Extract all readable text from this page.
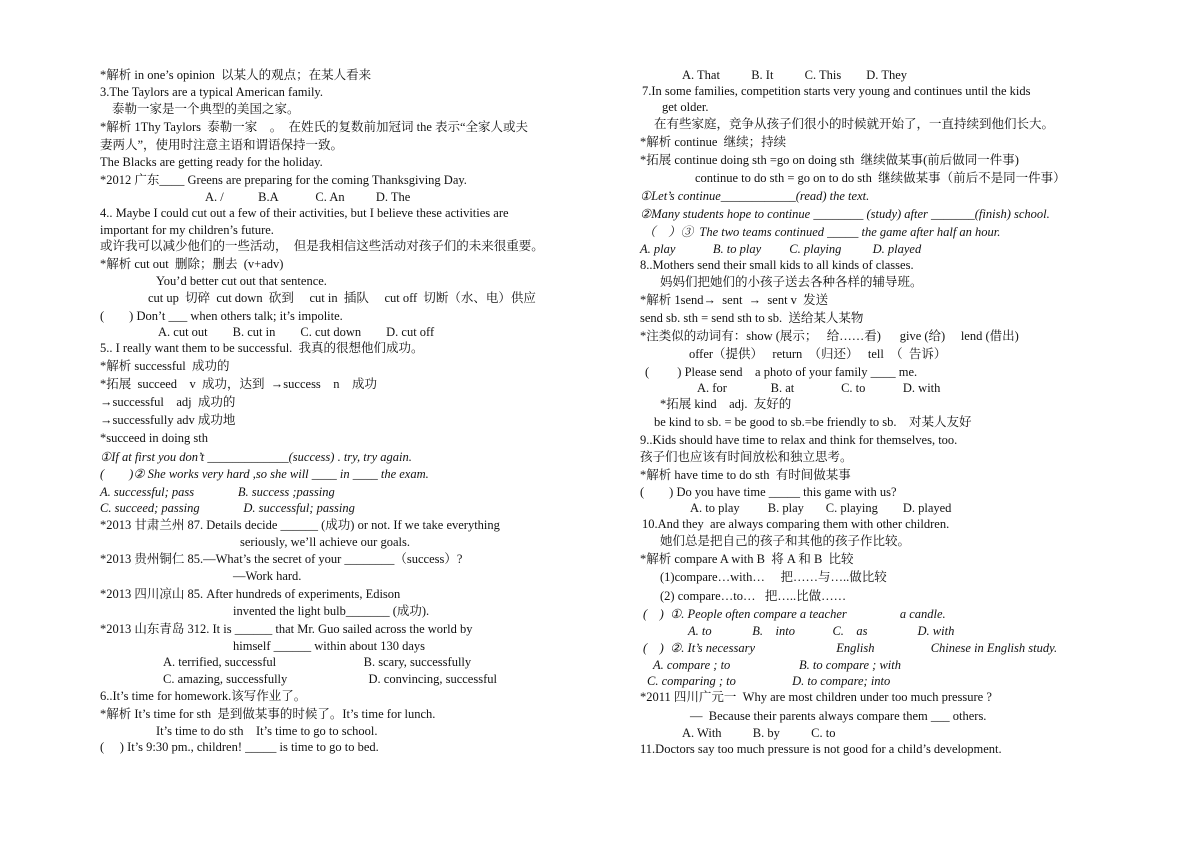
*解析 in one’s opinion  以某人的观点；在某人看来
3.The Taylors are a typical American family.
泰勒一家是一个典型的美国之家。
*解析 1Thy Taylors  泰勒一家    。  在姓氏的复数前加冠词 the 表示“全家人或夫
妻两人”，使用时注意主语和谓语保持一致。
The Blacks are getting ready for the holiday.
*2012 广东____ Greens are preparing for the coming Thanksgiving Day.
A. /           B.A            C. An          D. The
4.. Maybe I could cut out a few of their activities, but I believe these activities are
important for my children’s future.
或许我可以减少他们的一些活动，  但是我相信这些活动对孩子们的未来很重要。
*解析 cut out  删除；删去  (v+adv)
You’d better cut out that sentence.
cut up  切碎  cut down  砍到     cut in  插队     cut off  切断（水、电）供应
(        ) Don’t ___ when others talk; it’s impolite.
A. cut out        B. cut in        C. cut down        D. cut off
5.. I really want them to be successful.  我真的很想他们成功。
*解析 successful  成功的
*拓展  succeed    v  成功，达到  →success    n    成功
→successful    adj  成功的
→successfully adv 成功地
*succeed in doing sth
①If at first you don’t _____________(success) . try, try again.
(        )② She works very hard ,so she will ____ in ____ the exam.
A. successful; pass              B. success ;passing
C. succeed; passing              D. successful; passing
*2013 甘肃兰州 87. Details decide ______ (成功) or not. If we take everything
seriously, we’ll achieve our goals.
*2013 贵州铜仁 85.—What’s the secret of your ________（success）?
—Work hard.
*2013 四川凉山 85. After hundreds of experiments, Edison
invented the light bulb_______ (成功).
*2013 山东青岛 312. It is ______ that Mr. Guo sailed across the world by
himself ______ within about 130 days
A. terrified, successful                            B. scary, successfully
C. amazing, successfully                          D. convincing, successful
6..It’s time for homework.该写作业了。
*解析 It’s time for sth  是到做某事的时候了。It’s time for lunch.
It’s time to do sth    It’s time to go to school.
(     ) It’s 9:30 pm., children! _____ is time to go to bed.
A. That          B. It          C. This        D. They
7.In some families, competition starts very young and continues until the kids
get older.
在有些家庭，竞争从孩子们很小的时候就开始了，一直持续到他们长大。
*解析 continue  继续；持续
*拓展 continue doing sth =go on doing sth  继续做某事(前后做同一件事)
continue to do sth = go on to do sth  继续做某事（前后不是同一件事）
①Let’s continue____________(read) the text.
②Many students hope to continue ________ (study) after _______(finish) school.
（    ）③  The two teams continued _____ the game after half an hour.
A. play            B. to play         C. playing          D. played
8..Mothers send their small kids to all kinds of classes.
妈妈们把她们的小孩子送去各种各样的辅导班。
*解析 1send→  sent  →  sent v  发送
send sb. sth = send sth to sb.  送给某人某物
*注类似的动词有：show (展示；   给……看)      give (给)     lend (借出)
offer（提供）   return  （归还）   tell  （  告诉）
(         ) Please send    a photo of your family ____ me.
A. for              B. at               C. to            D. with
*拓展 kind    adj.  友好的
be kind to sb. = be good to sb.=be friendly to sb.    对某人友好
9..Kids should have time to relax and think for themselves, too.
孩子们也应该有时间放松和独立思考。
*解析 have time to do sth  有时间做某事
(        ) Do you have time _____ this game with us?
A. to play         B. play       C. playing        D. played
10.And they  are always comparing them with other children.
她们总是把自己的孩子和其他的孩子作比较。
*解析 compare A with B  将 A 和 B  比较
(1)compare…with…     把……与…..做比较
(2) compare…to…   把…..比做……
(    )  ①. People often compare a teacher                 a candle.
A. to             B.    into            C.    as                D. with
(    )  ②. It’s necessary                          English                  Chinese in English study.
A. compare ; to                      B. to compare ; with
C. comparing ; to                  D. to compare; into
*2011 四川广元一  Why are most children under too much pressure ?
—  Because their parents always compare them ___ others.
A. With          B. by          C. to
11.Doctors say too much pressure is not good for a child’s development.
